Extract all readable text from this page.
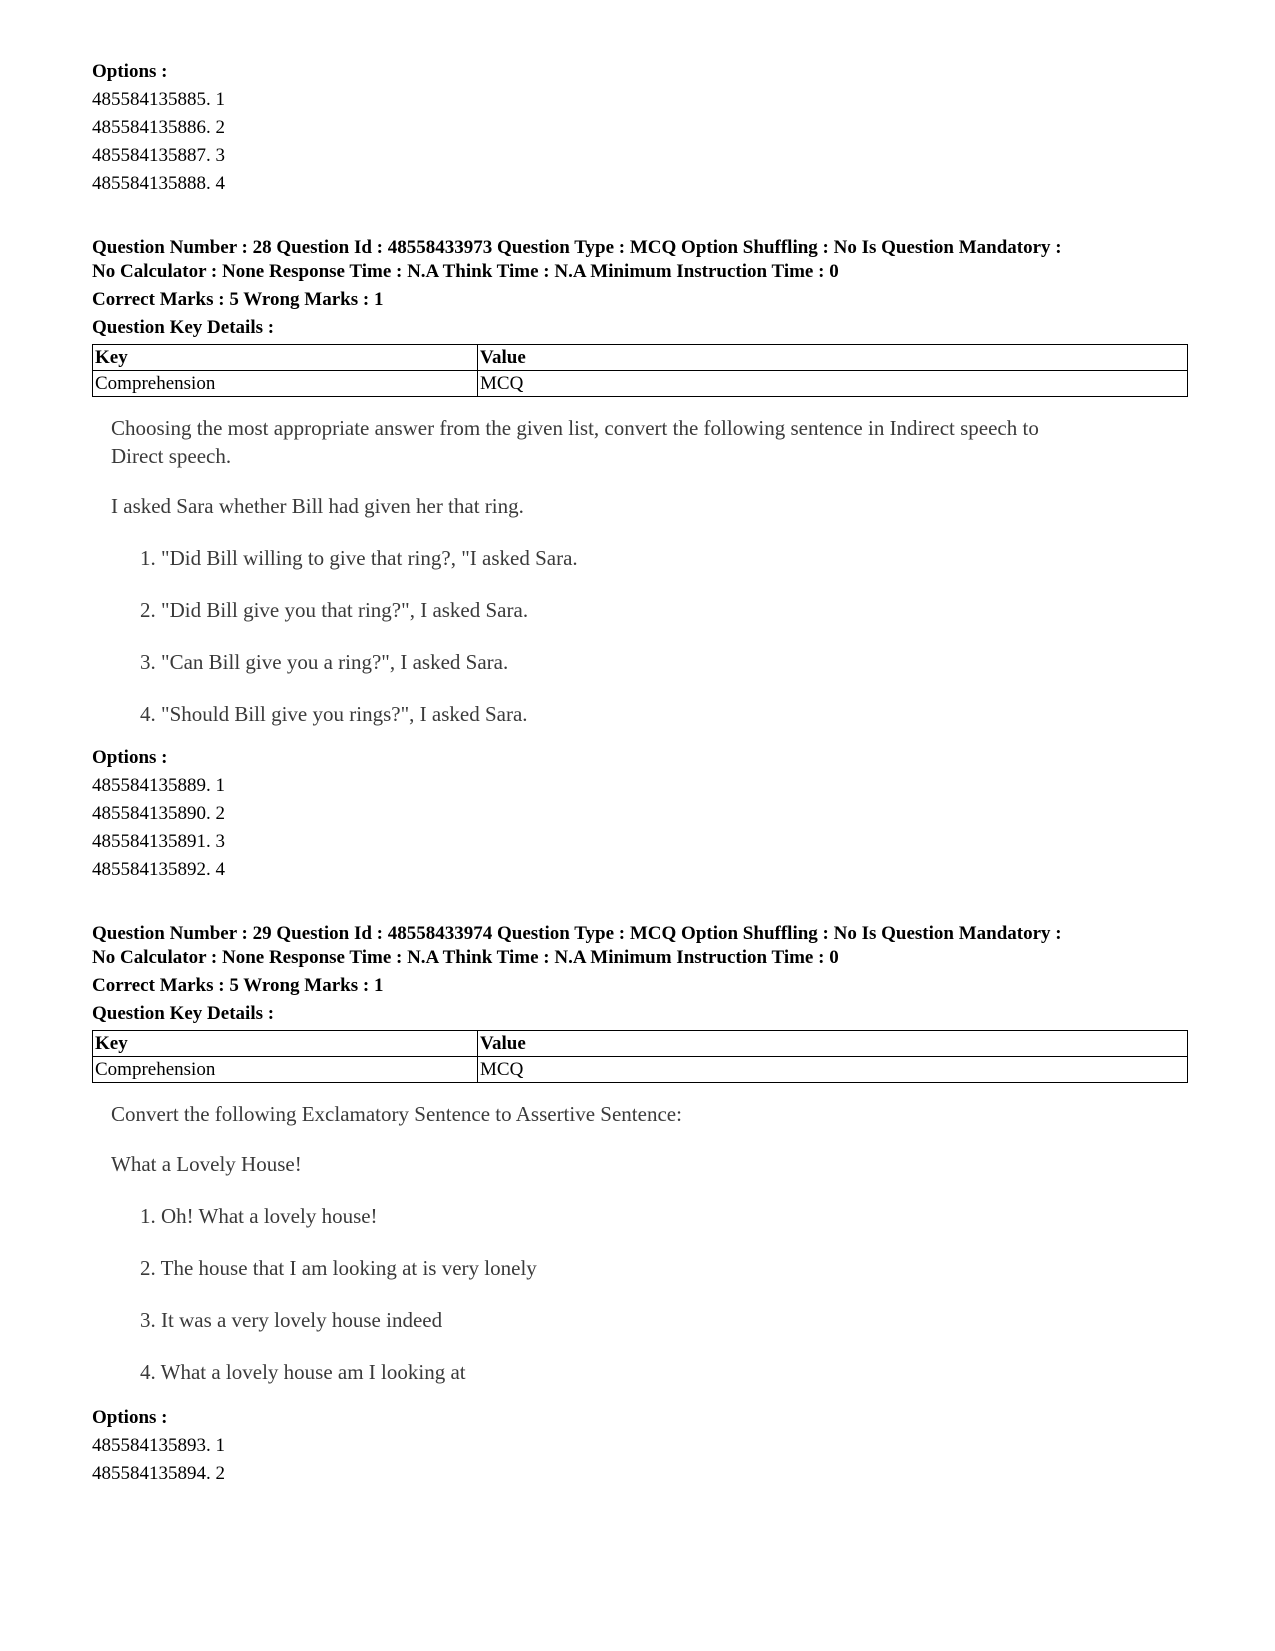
Options :
485584135885. 1
485584135886. 2
485584135887. 3
485584135888. 4
Question Number : 28 Question Id : 48558433973 Question Type : MCQ Option Shuffling : No Is Question Mandatory :
No Calculator : None Response Time : N.A Think Time : N.A Minimum Instruction Time : 0
Correct Marks : 5 Wrong Marks : 1
Question Key Details :
Key	Value
Comprehension	MCQ

Choosing the most appropriate answer from the given list, convert the following sentence in Indirect speech to

Direct speech.

I asked Sara whether Bill had given her that ring.

1. "Did Bill willing to give that ring?, "I asked Sara.
2. "Did Bill give you that ring?", I asked Sara.
3. "Can Bill give you a ring?", I asked Sara.
4. "Should Bill give you rings?", I asked Sara.
Options :
485584135889. 1
485584135890. 2
485584135891. 3
485584135892. 4
Question Number : 29 Question Id : 48558433974 Question Type : MCQ Option Shuffling : No Is Question Mandatory :
No Calculator : None Response Time : N.A Think Time : N.A Minimum Instruction Time : 0
Correct Marks : 5 Wrong Marks : 1
Question Key Details :
Key	Value
Comprehension	MCQ

Convert the following Exclamatory Sentence to Assertive Sentence:

What a Lovely House!

1. Oh! What a lovely house!
2. The house that I am looking at is very lonely
3. It was a very lovely house indeed
4. What a lovely house am I looking at
Options :
485584135893. 1
485584135894. 2
